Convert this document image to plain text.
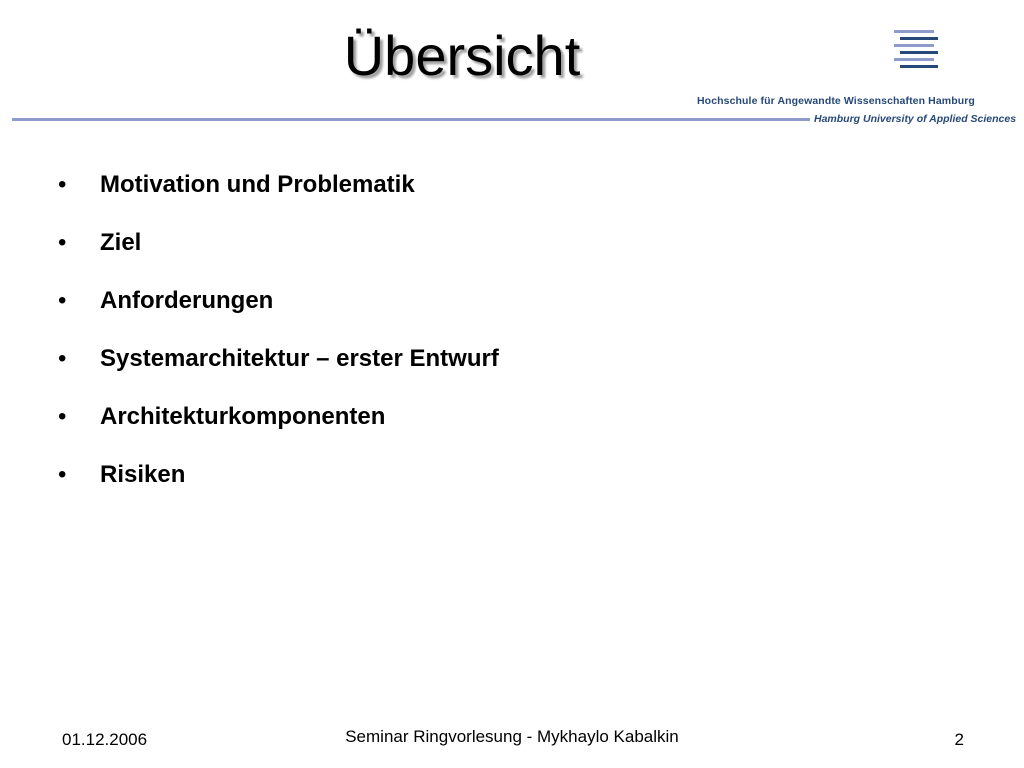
Übersicht
Hochschule für Angewandte Wissenschaften Hamburg
Hamburg University of Applied Sciences
• Motivation und Problematik
• Ziel
• Anforderungen
• Systemarchitektur – erster Entwurf
• Architekturkomponenten
• Risiken
01.12.2006	Seminar Ringvorlesung - Mykhaylo Kabalkin	2
